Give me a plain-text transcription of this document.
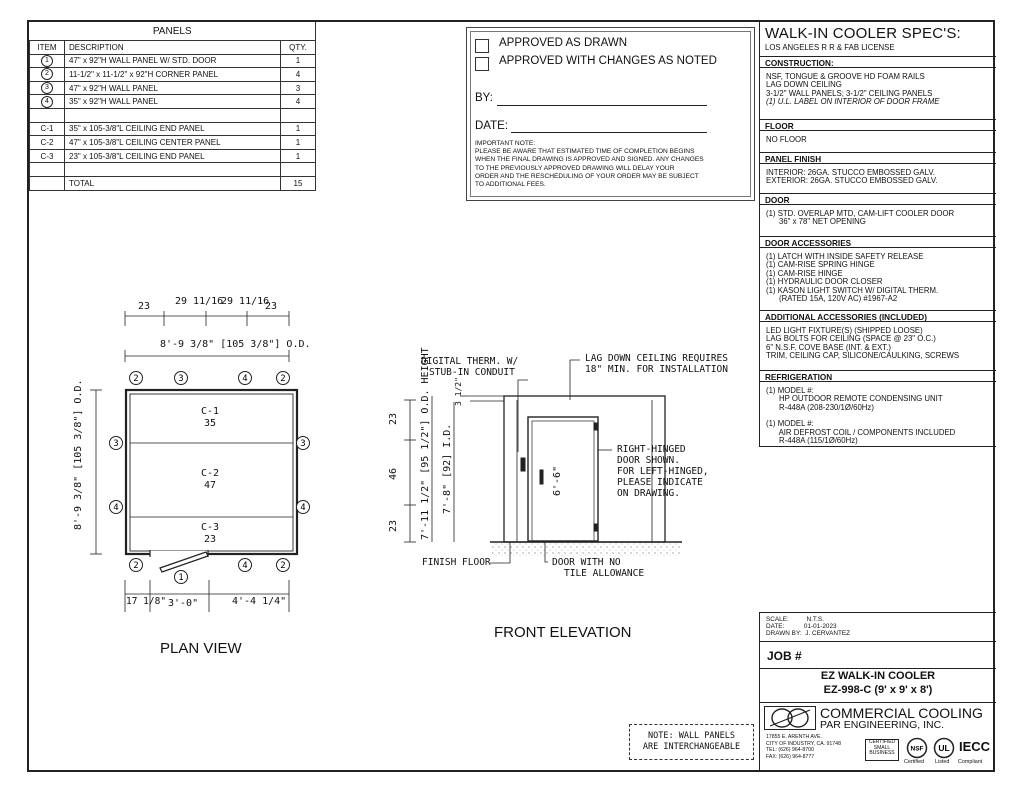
PANELS		
ITEM	DESCRIPTION	QTY.
1	47" x 92"H WALL PANEL W/ STD. DOOR	1
2	11-1/2" x 11-1/2" x 92"H CORNER PANEL	4
3	47" x 92"H WALL PANEL	3
4	35" x 92"H WALL PANEL	4

C-1	35" x 105-3/8"L CEILING END PANEL	1
C-2	47" x 105-3/8"L CEILING CENTER PANEL	1
C-3	23" x 105-3/8"L CEILING END PANEL	1

	TOTAL	15
APPROVED AS DRAWN
APPROVED WITH CHANGES AS NOTED
BY:
DATE:
IMPORTANT NOTE:
PLEASE BE AWARE THAT ESTIMATED TIME OF COMPLETION BEGINS
WHEN THE FINAL DRAWING IS APPROVED AND SIGNED. ANY CHANGES
TO THE PREVIOUSLY APPROVED DRAWING WILL DELAY YOUR
ORDER AND THE RESCHEDULING OF YOUR ORDER MAY BE SUBJECT
TO ADDITIONAL FEES.
WALK-IN COOLER SPEC'S:
LOS ANGELES R R & FAB LICENSE
CONSTRUCTION:
NSF, TONGUE & GROOVE HD FOAM RAILS
LAG DOWN CEILING
3-1/2" WALL PANELS; 3-1/2" CEILING PANELS
(1) U.L. LABEL ON INTERIOR OF DOOR FRAME
FLOOR
NO FLOOR
PANEL FINISH
INTERIOR: 26GA. STUCCO EMBOSSED GALV.
EXTERIOR: 26GA. STUCCO EMBOSSED GALV.
DOOR
(1) STD. OVERLAP MTD, CAM-LIFT COOLER DOOR
36" x 78" NET OPENING
DOOR ACCESSORIES
(1) LATCH WITH INSIDE SAFETY RELEASE
(1) CAM-RISE SPRING HINGE
(1) CAM-RISE HINGE
(1) HYDRAULIC DOOR CLOSER
(1) KASON LIGHT SWITCH W/ DIGITAL THERM.
(RATED 15A, 120V AC) #1967-A2
ADDITIONAL ACCESSORIES (INCLUDED)
LED LIGHT FIXTURE(S) (SHIPPED LOOSE)
LAG BOLTS FOR CEILING (SPACE @ 23" O.C.)
6" N.S.F. COVE BASE (INT. & EXT.)
TRIM, CEILING CAP, SILICONE/CAULKING, SCREWS
REFRIGERATION
(1) MODEL #:
HP OUTDOOR REMOTE CONDENSING UNIT
R-448A (208-230/1Ø/60Hz)
(1) MODEL #:
AIR DEFROST COIL / COMPONENTS INCLUDED
R-448A (115/1Ø/60Hz)
SCALE:	N.T.S.
DATE:	01-01-2023
DRAWN BY: J. CERVANTEZ
JOB #
EZ WALK-IN COOLER
EZ-998-C (9' x 9' x 8')
COMMERCIAL COOLING
PAR ENGINEERING, INC.
17855 E. ARENTH AVE.
CITY OF INDUSTRY, CA. 91748
TEL: (626) 964-8700
FAX: (626) 964-8777
CERTIFIED SMALL BUSINESS
NSF UL IECC
Certified Listed Compliant
NOTE: WALL PANELS
ARE INTERCHANGEABLE
2	3	4	2
2
1
4	2
3
4
3
4
23 29 11/16
29 11/16
23
8'-9 3/8" [105 3/8"] O.D.
8'-9 3/8" [105 3/8"] O.D.	C-1
35
C-2
47
C-3
23
17 1/8" 3'-0"	4'-4 1/4"
PLAN VIEW
DIGITAL THERM. W/
STUB-IN CONDUIT
LAG DOWN CEILING REQUIRES
18" MIN. FOR INSTALLATION
RIGHT-HINGED
DOOR SHOWN.
FOR LEFT-HINGED,
PLEASE INDICATE
ON DRAWING.
FINISH FLOOR	DOOR WITH NO
TILE ALLOWANCE
23
46
23 7'-11 1/2" [95 1/2"] O.D. HEIGHT 7'-8" [92] I.D.	6'-6"
3 1/2"
FRONT ELEVATION
